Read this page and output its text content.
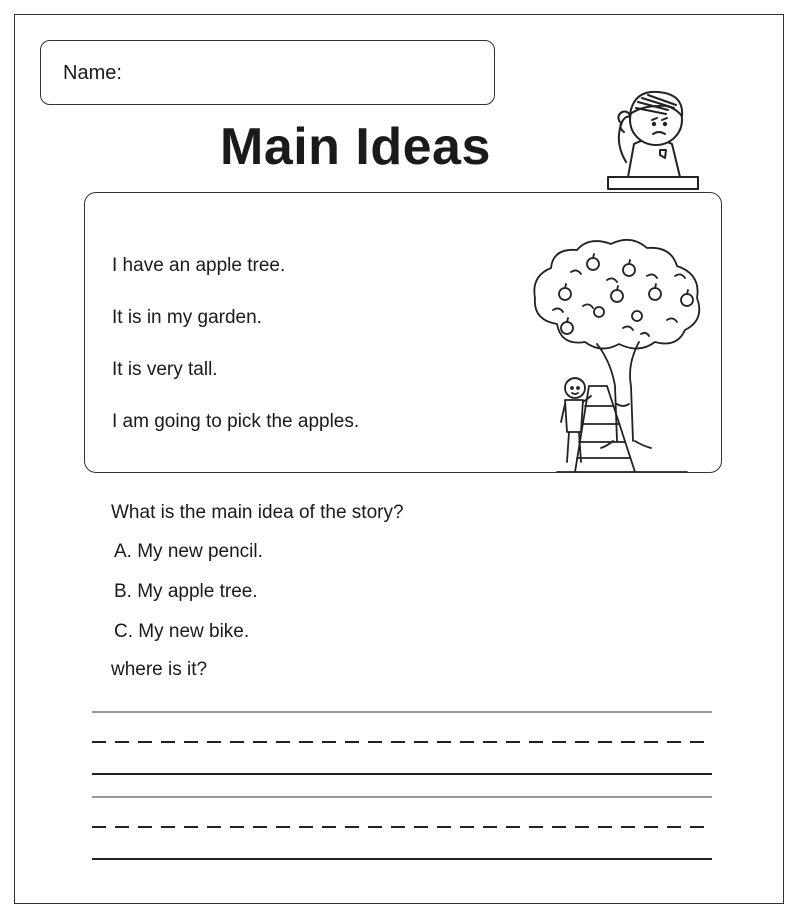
Name:
Main Ideas
I have an apple tree.
It is in my garden.
It is very tall.
I am going to pick the apples.
What is the main idea of the story?
A. My new pencil.
B. My apple tree.
C. My new bike.
where is it?
